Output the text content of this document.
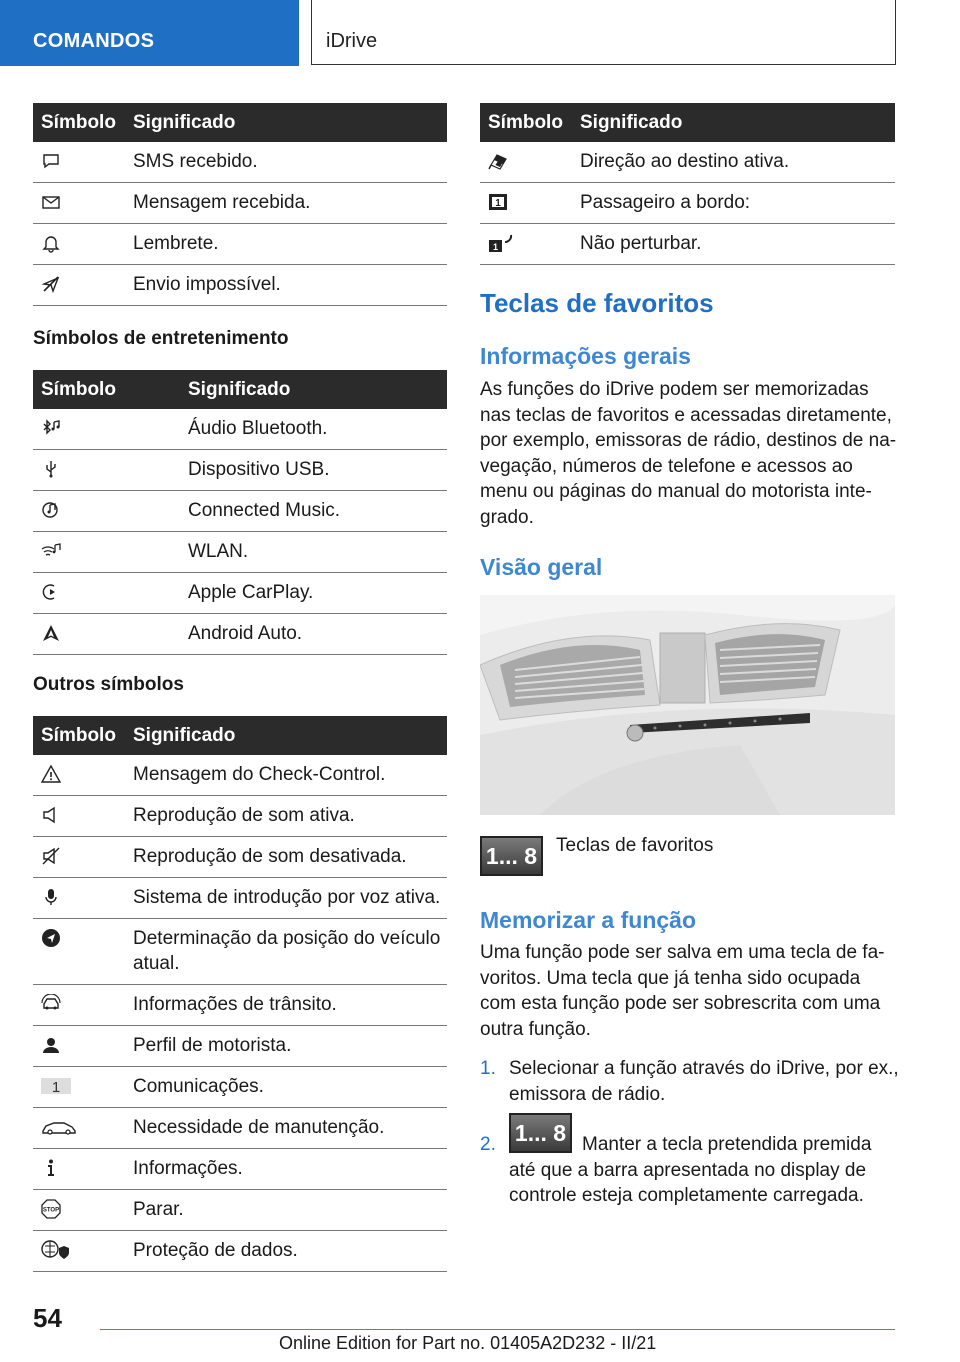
COMANDOS	iDrive
Símbolo	Significado

	SMS recebido.

	Mensagem recebida.

	Lembrete.

	Envio impossível.
Símbolos de entretenimento
Símbolo	Significado

	Áudio Bluetooth.

	Dispositivo USB.

	Connected Music.

	WLAN.

	Apple CarPlay.

	Android Auto.
Outros símbolos
Símbolo	Significado

	Mensagem do Check-Control.

	Reprodução de som ativa.

	Reprodução de som desativada.

	Sistema de introdução por voz ativa.

	Determinação da posição do veículo atual.

	Informações de trânsito.

	Perfil de motorista.

1	Comunicações.

	Necessidade de manutenção.

	Informações.

STOP	Parar.

	Proteção de dados.
Símbolo	Significado

	Direção ao destino ativa.

1	Passageiro a bordo:

1	Não perturbar.
Teclas de favoritos
Informações gerais
As funções do iDrive podem ser memorizadas
nas teclas de favoritos e acessadas diretamente,
por exemplo, emissoras de rádio, destinos de na-
vegação, números de telefone e acessos ao
menu ou páginas do manual do motorista inte-
grado.
Visão geral
1... 8 Teclas de favoritos
Memorizar a função
Uma função pode ser salva em uma tecla de fa-
voritos. Uma tecla que já tenha sido ocupada
com esta função pode ser sobrescrita com uma
outra função.
1. Selecionar a função através do iDrive, por ex.,
emissora de rádio.
2. 1... 8 Manter a tecla pretendida premida
até que a barra apresentada no display de
controle esteja completamente carregada.
54
Online Edition for Part no. 01405A2D232 - II/21
